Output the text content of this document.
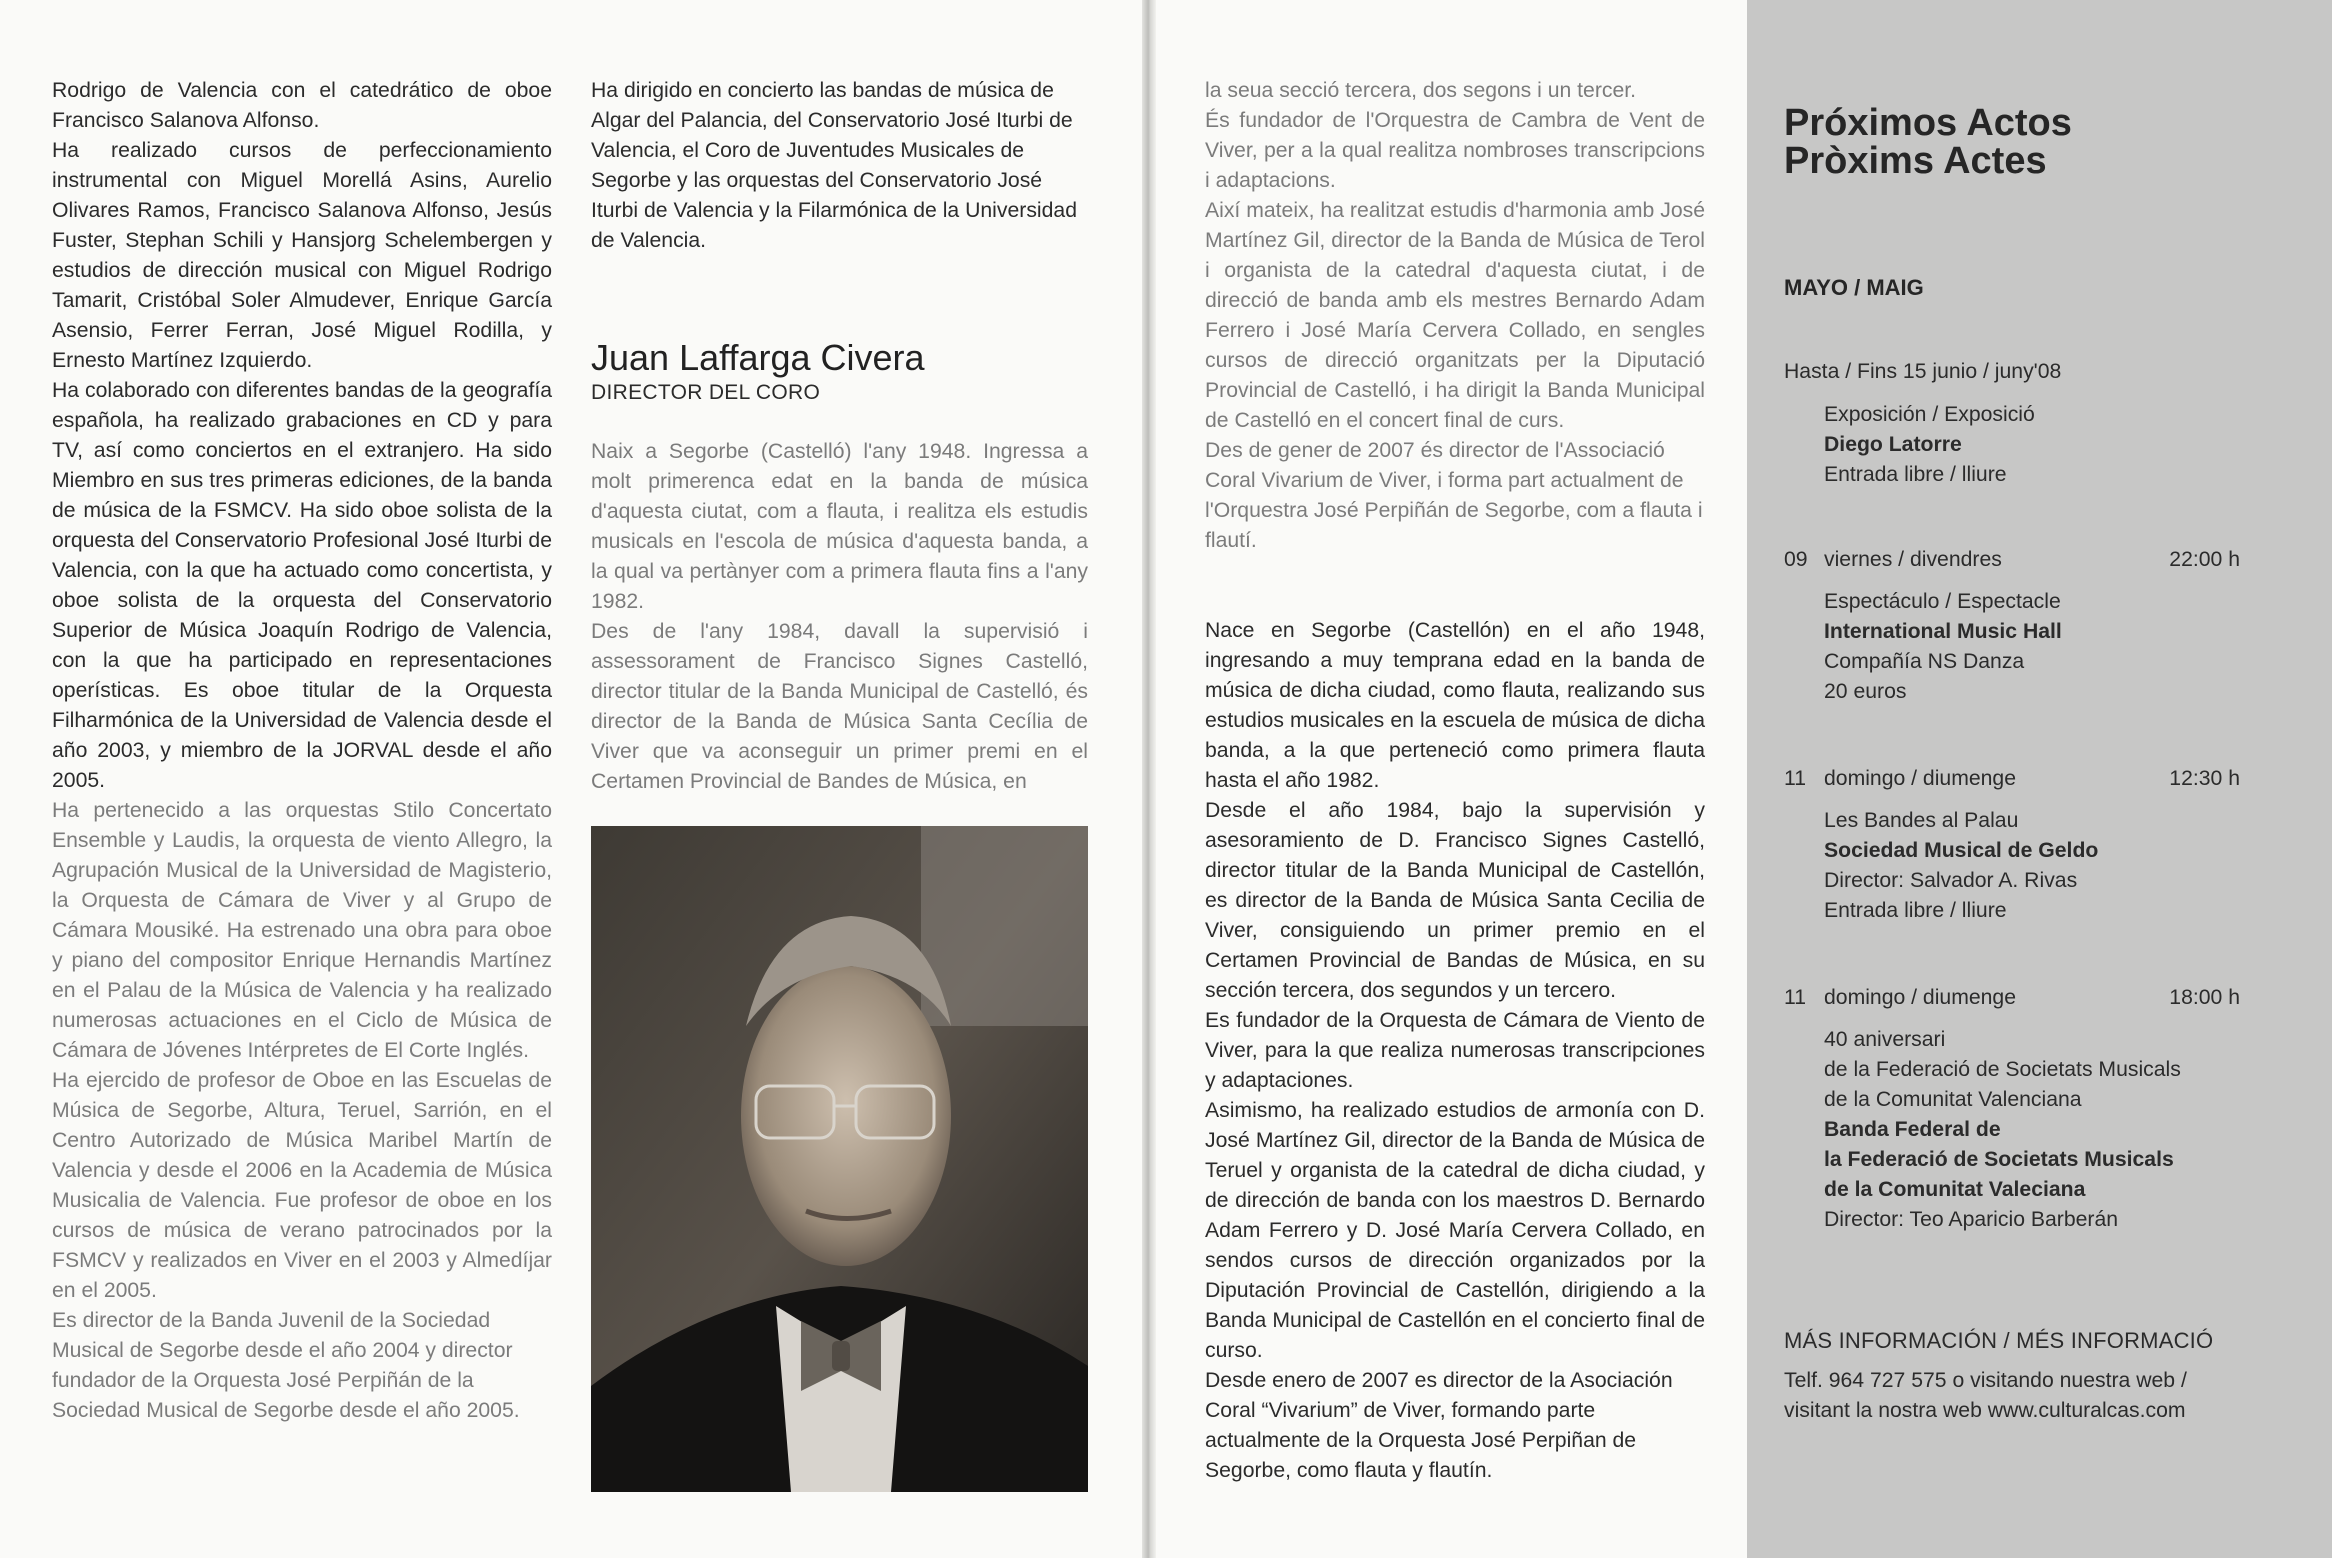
Rodrigo de Valencia con el catedrático de oboe Francisco Salanova Alfonso.

Ha realizado cursos de perfeccionamiento instrumental con Miguel Morellá Asins, Aurelio Olivares Ramos, Francisco Salanova Alfonso, Jesús Fuster, Stephan Schili y Hansjorg Schelembergen y estudios de dirección musical con Miguel Rodrigo Tamarit, Cristóbal Soler Almudever, Enrique García Asensio, Ferrer Ferran, José Miguel Rodilla, y Ernesto Martínez Izquierdo.

Ha colaborado con diferentes bandas de la geografía española, ha realizado grabaciones en CD y para TV, así como conciertos en el extranjero. Ha sido Miembro en sus tres primeras ediciones, de la banda de música de la FSMCV. Ha sido oboe solista de la orquesta del Conservatorio Profesional José Iturbi de Valencia, con la que ha actuado como concertista, y oboe solista de la orquesta del Conservatorio Superior de Música Joaquín Rodrigo de Valencia, con la que ha participado en representaciones operísticas. Es oboe titular de la Orquesta Filharmónica de la Universidad de Valencia desde el año 2003, y miembro de la JORVAL desde el año 2005.

Ha pertenecido a las orquestas Stilo Concertato Ensemble y Laudis, la orquesta de viento Allegro, la Agrupación Musical de la Universidad de Magisterio, la Orquesta de Cámara de Viver y al Grupo de Cámara Mousiké. Ha estrenado una obra para oboe y piano del compositor Enrique Hernandis Martínez en el Palau de la Música de Valencia y ha realizado numerosas actuaciones en el Ciclo de Música de Cámara de Jóvenes Intérpretes de El Corte Inglés.

Ha ejercido de profesor de Oboe en las Escuelas de Música de Segorbe, Altura, Teruel, Sarrión, en el Centro Autorizado de Música Maribel Martín de Valencia y desde el 2006 en la Academia de Música Musicalia de Valencia. Fue profesor de oboe en los cursos de música de verano patrocinados por la FSMCV y realizados en Viver en el 2003 y Almedíjar en el 2005.

Es director de la Banda Juvenil de la Sociedad Musical de Segorbe desde el año 2004 y director fundador de la Orquesta José Perpiñán de la Sociedad Musical de Segorbe desde el año 2005.

Ha dirigido en concierto las bandas de música de Algar del Palancia, del Conservatorio José Iturbi de Valencia, el Coro de Juventudes Musicales de Segorbe y las orquestas del Conservatorio José Iturbi de Valencia y la Filarmónica de la Universidad de Valencia.

Juan Laffarga Civera
DIRECTOR DEL CORO

Naix a Segorbe (Castelló) l'any 1948. Ingressa a molt primerenca edat en la banda de música d'aquesta ciutat, com a flauta, i realitza els estudis musicals en l'escola de música d'aquesta banda, a la qual va pertànyer com a primera flauta fins a l'any 1982.

Des de l'any 1984, davall la supervisió i assessorament de Francisco Signes Castelló, director titular de la Banda Municipal de Castelló, és director de la Banda de Música Santa Cecília de Viver que va aconseguir un primer premi en el Certamen Provincial de Bandes de Música, en

la seua secció tercera, dos segons i un tercer.

És fundador de l'Orquestra de Cambra de Vent de Viver, per a la qual realitza nombroses transcripcions i adaptacions.

Així mateix, ha realitzat estudis d'harmonia amb José Martínez Gil, director de la Banda de Música de Terol i organista de la catedral d'aquesta ciutat, i de direcció de banda amb els mestres Bernardo Adam Ferrero i José María Cervera Collado, en sengles cursos de direcció organitzats per la Diputació Provincial de Castelló, i ha dirigit la Banda Municipal de Castelló en el concert final de curs.

Des de gener de 2007 és director de l'Associació Coral Vivarium de Viver, i forma part actualment de l'Orquestra José Perpiñán de Segorbe, com a flauta i flautí.

Nace en Segorbe (Castellón) en el año 1948, ingresando a muy temprana edad en la banda de música de dicha ciudad, como flauta, realizando sus estudios musicales en la escuela de música de dicha banda, a la que perteneció como primera flauta hasta el año 1982.

Desde el año 1984, bajo la supervisión y asesoramiento de D. Francisco Signes Castelló, director titular de la Banda Municipal de Castellón, es director de la Banda de Música Santa Cecilia de Viver, consiguiendo un primer premio en el Certamen Provincial de Bandas de Música, en su sección tercera, dos segundos y un tercero.

Es fundador de la Orquesta de Cámara de Viento de Viver, para la que realiza numerosas transcripciones y adaptaciones.

Asimismo, ha realizado estudios de armonía con D. José Martínez Gil, director de la Banda de Música de Teruel y organista de la catedral de dicha ciudad, y de dirección de banda con los maestros D. Bernardo Adam Ferrero y D. José María Cervera Collado, en sendos cursos de dirección organizados por la Diputación Provincial de Castellón, dirigiendo a la Banda Municipal de Castellón en el concierto final de curso.

Desde enero de 2007 es director de la Asociación Coral “Vivarium” de Viver, formando parte actualmente de la Orquesta José Perpiñan de Segorbe, como flauta y flautín.

Próximos Actos
Pròxims Actes
MAYO / MAIG
Hasta / Fins 15 junio / juny'08
Exposición / Exposició
Diego Latorre
Entrada libre / lliure
09 viernes / divendres	22:00 h
Espectáculo / Espectacle
International Music Hall
Compañía NS Danza
20 euros
11 domingo / diumenge	12:30 h
Les Bandes al Palau
Sociedad Musical de Geldo
Director: Salvador A. Rivas
Entrada libre / lliure
11 domingo / diumenge	18:00 h
40 aniversari
de la Federació de Societats Musicals
de la Comunitat Valenciana
Banda Federal de
la Federació de Societats Musicals
de la Comunitat Valeciana
Director: Teo Aparicio Barberán
MÁS INFORMACIÓN / MÉS INFORMACIÓ
Telf. 964 727 575 o visitando nuestra web /
visitant la nostra web www.culturalcas.com
